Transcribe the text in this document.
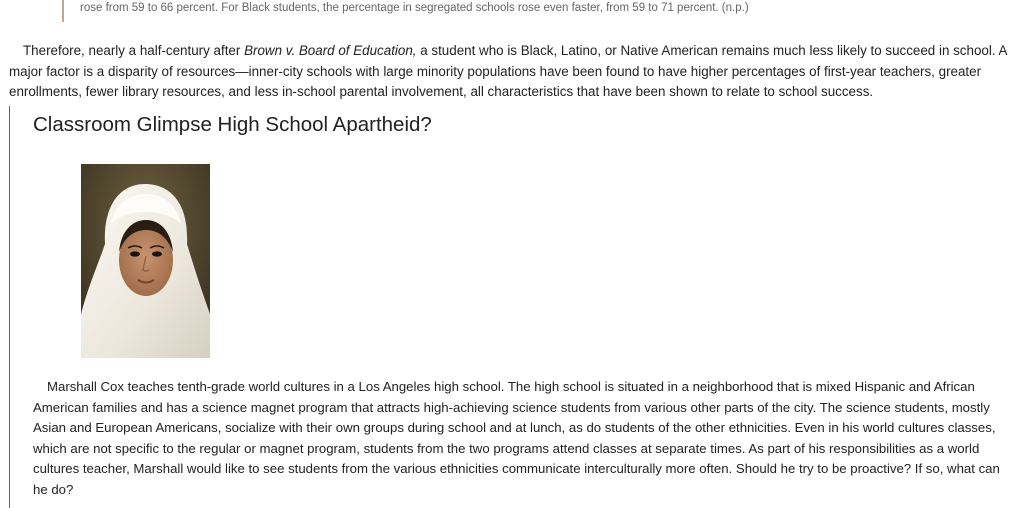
rose from 59 to 66 percent. For Black students, the percentage in segregated schools rose even faster, from 59 to 71 percent. (n.p.)

Therefore, nearly a half-century after Brown v. Board of Education, a student who is Black, Latino, or Native American remains much less likely to succeed in school. A major factor is a disparity of resources—inner-city schools with large minority populations have been found to have higher percentages of first-year teachers, greater enrollments, fewer library resources, and less in-school parental involvement, all characteristics that have been shown to relate to school success.

Classroom Glimpse High School Apartheid?

Marshall Cox teaches tenth-grade world cultures in a Los Angeles high school. The high school is situated in a neighborhood that is mixed Hispanic and African American families and has a science magnet program that attracts high-achieving science students from various other parts of the city. The science students, mostly Asian and European Americans, socialize with their own groups during school and at lunch, as do students of the other ethnicities. Even in his world cultures classes, which are not specific to the regular or magnet program, students from the two programs attend classes at separate times. As part of his responsibilities as a world cultures teacher, Marshall would like to see students from the various ethnicities communicate interculturally more often. Should he try to be proactive? If so, what can he do?
